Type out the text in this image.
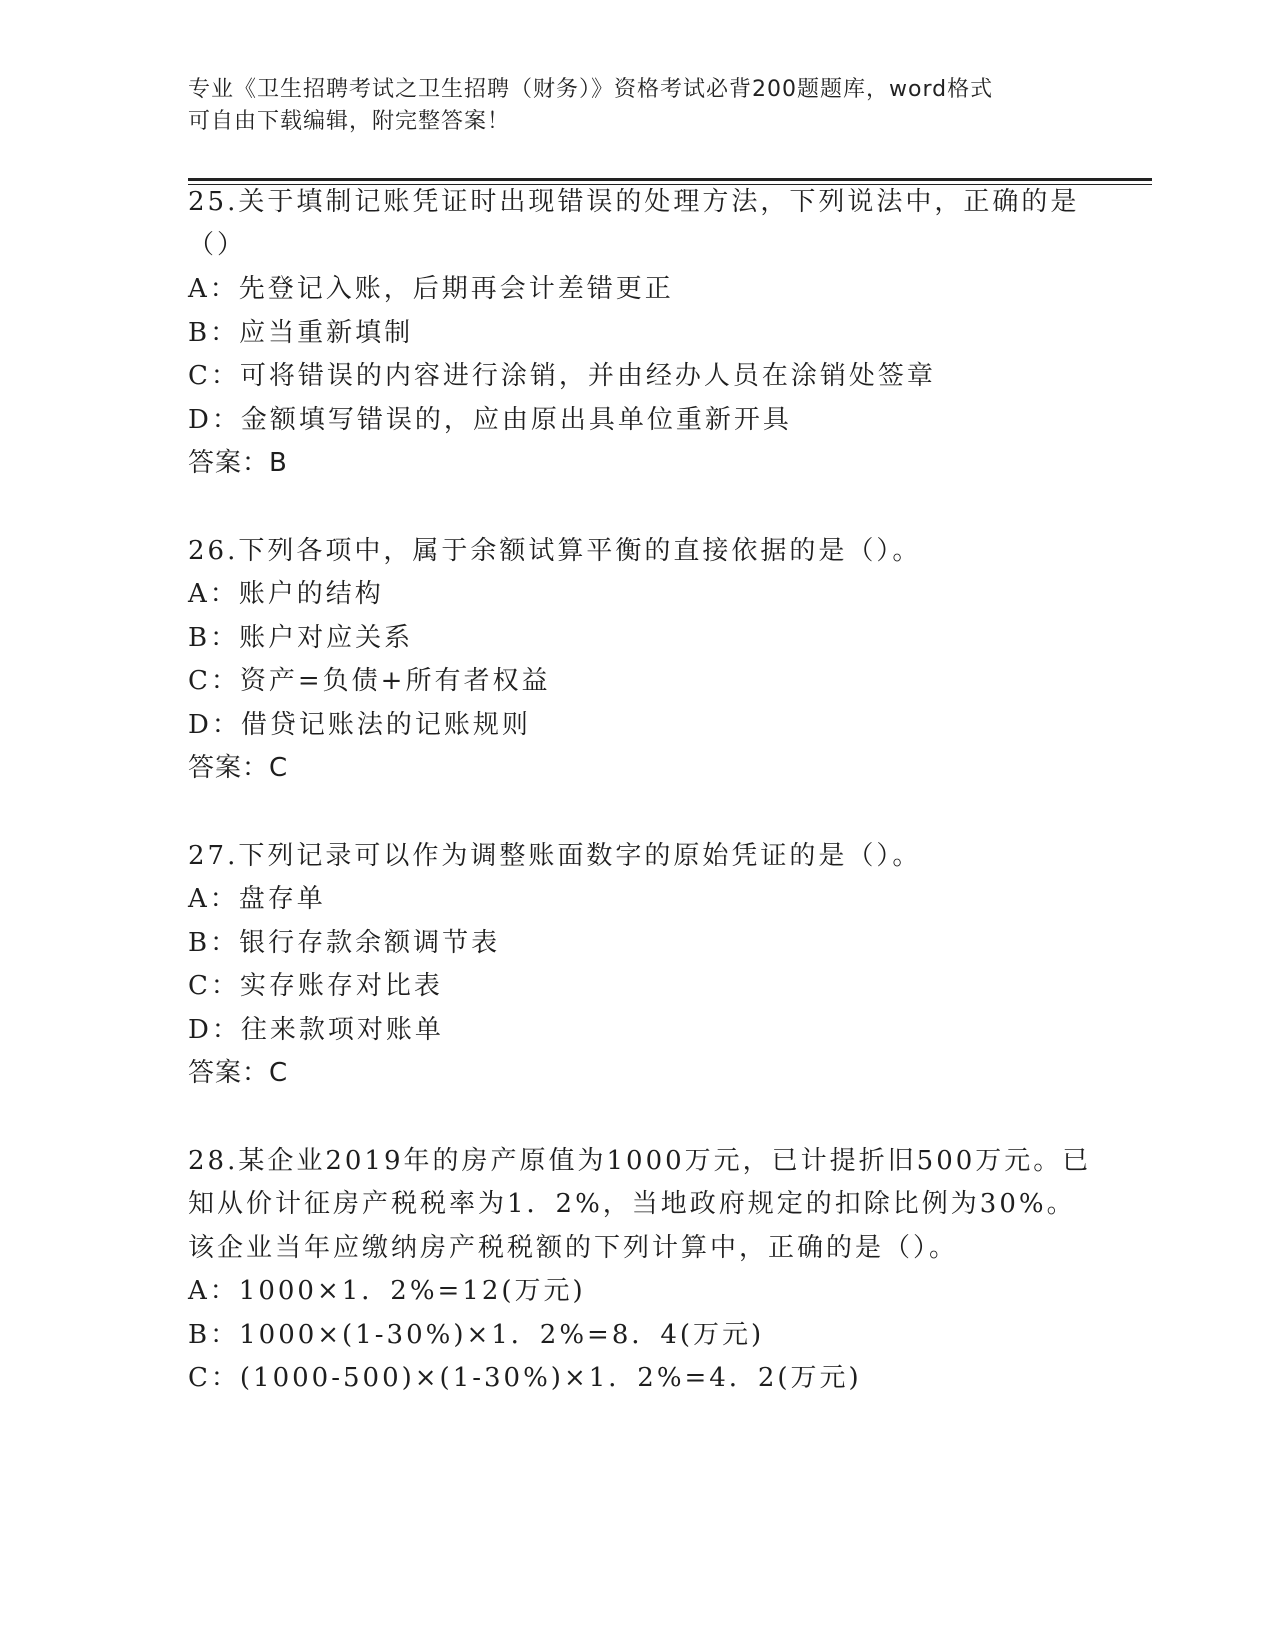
专业《卫生招聘考试之卫生招聘（财务）》资格考试必背200题题库，word格式
可自由下载编辑，附完整答案！
25.关于填制记账凭证时出现错误的处理方法，下列说法中，正确的是
（）
A：先登记入账，后期再会计差错更正
B：应当重新填制
C：可将错误的内容进行涂销，并由经办人员在涂销处签章
D：金额填写错误的，应由原出具单位重新开具
答案：B
26.下列各项中，属于余额试算平衡的直接依据的是（）。
A：账户的结构
B：账户对应关系
C：资产=负债+所有者权益
D：借贷记账法的记账规则
答案：C
27.下列记录可以作为调整账面数字的原始凭证的是（）。
A：盘存单
B：银行存款余额调节表
C：实存账存对比表
D：往来款项对账单
答案：C
28.某企业2019年的房产原值为1000万元，已计提折旧500万元。已
知从价计征房产税税率为1．2%，当地政府规定的扣除比例为30%。
该企业当年应缴纳房产税税额的下列计算中，正确的是（）。
A：1000×1．2%=12(万元)
B：1000×(1-30%)×1．2%=8．4(万元)
C：(1000-500)×(1-30%)×1．2%=4．2(万元)
